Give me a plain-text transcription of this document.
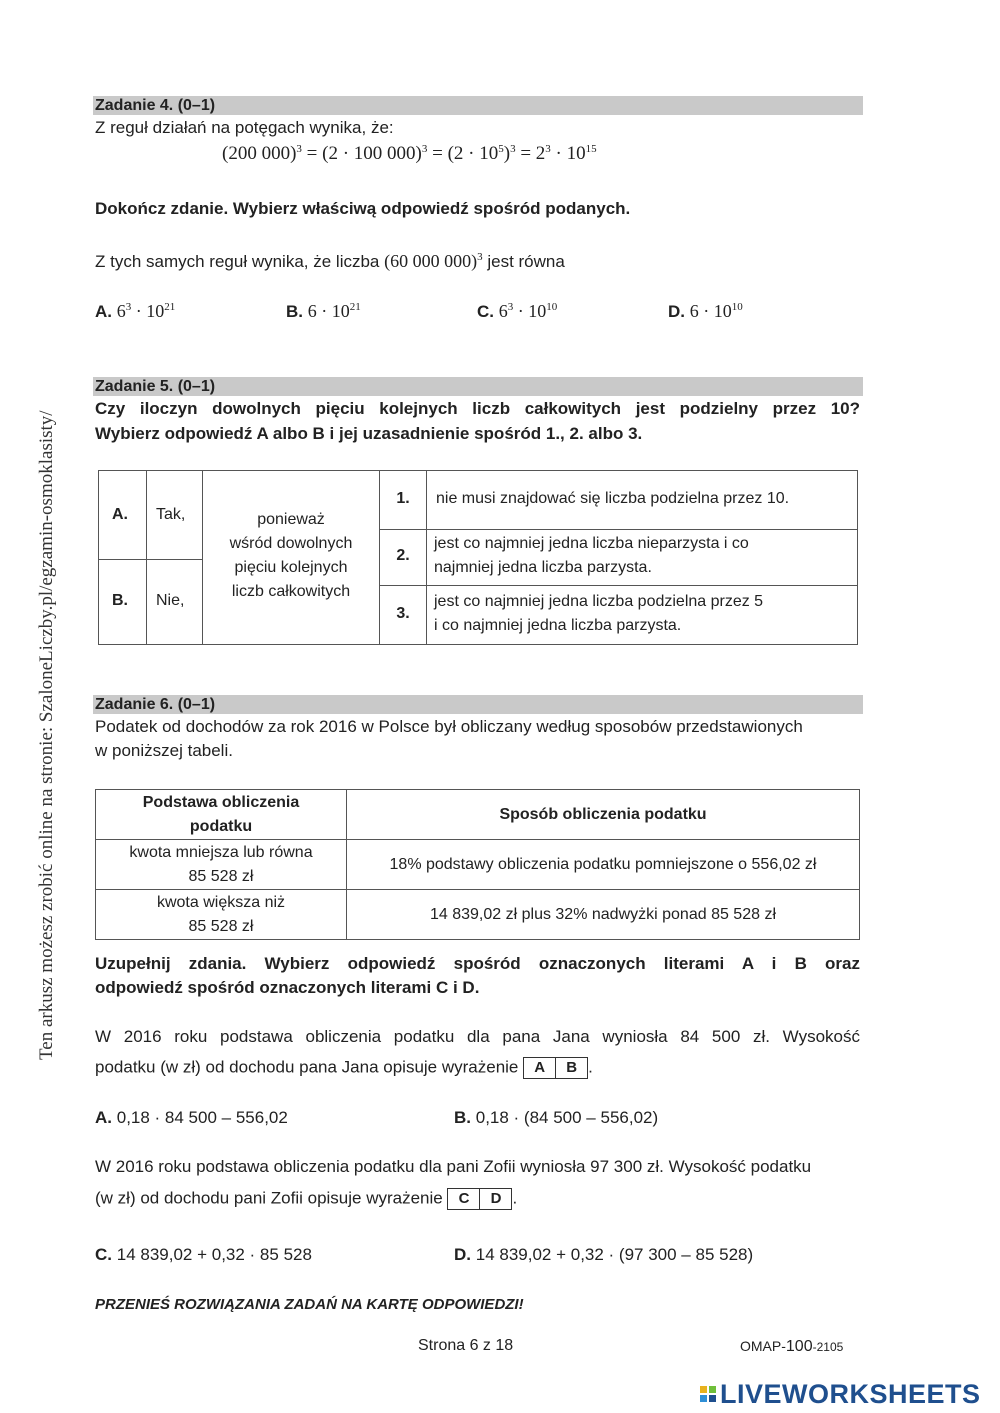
Ten arkusz możesz zrobić online na stronie: SzaloneLiczby.pl/egzamin-osmoklasisty/
Zadanie 4. (0–1)
Z reguł działań na potęgach wynika, że:
(200 000)$^3$ = (2 · 100 $000)^3 = (2 \cdot 10^5)^3 = 2^3 \cdot 10^{15}$
Dokończ zdanie. Wybierz właściwą odpowiedź spośród podanych.
Z tych samych reguł wynika, że liczba (60 000 000)$^3$ jest równa
A. $6^3 \cdot 10^{21}$	B. $6 \cdot 10^{21}$	C. $6^3 \cdot 10^{10}$	D. $6 \cdot 10^{10}$
Zadanie 5. (0–1)
Czy iloczyn dowolnych pięciu kolejnych liczb całkowitych jest podzielny przez 10?
Wybierz odpowiedź A albo B i jej uzasadnienie spośród 1., 2. albo 3.
A. Tak,
B. Nie,
ponieważ
wśród dowolnych
pięciu kolejnych
liczb całkowitych
1.	nie musi znajdować się liczba podzielna przez 10.
2.
jest co najmniej jedna liczba nieparzysta i co
najmniej jedna liczba parzysta.
3.
jest co najmniej jedna liczba podzielna przez 5
i co najmniej jedna liczba parzysta.
Zadanie 6. (0–1)
Podatek od dochodów za rok 2016 w Polsce był obliczany według sposobów przedstawionych
w poniższej tabeli.
Podstawa obliczenia
podatku	Sposób obliczenia podatku
kwota mniejsza lub równa
85 528 zł	18% podstawy obliczenia podatku pomniejszone o 556,02 zł
kwota większa niż
85 528 zł	14 839,02 zł plus 32% nadwyżki ponad 85 528 zł
Uzupełnij zdania. Wybierz odpowiedź spośród oznaczonych literami A i B oraz
odpowiedź spośród oznaczonych literami C i D.
W 2016 roku podstawa obliczenia podatku dla pana Jana wyniosła 84 500 zł. Wysokość
podatku (w zł) od dochodu pana Jana opisuje wyrażenie A B .
A. 0,18 · 84 500 – 556,02	B. 0,18 · (84 500 – 556,02)
W 2016 roku podstawa obliczenia podatku dla pani Zofii wyniosła 97 300 zł. Wysokość podatku
(w zł) od dochodu pani Zofii opisuje wyrażenie C D .
C. 14 839,02 + 0,32 · 85 528	D. 14 839,02 + 0,32 · (97 300 – 85 528)
PRZENIEŚ ROZWIĄZANIA ZADAŃ NA KARTĘ ODPOWIEDZI!
Strona 6 z 18	OMAP-100-2105
LIVEWORKSHEETS
